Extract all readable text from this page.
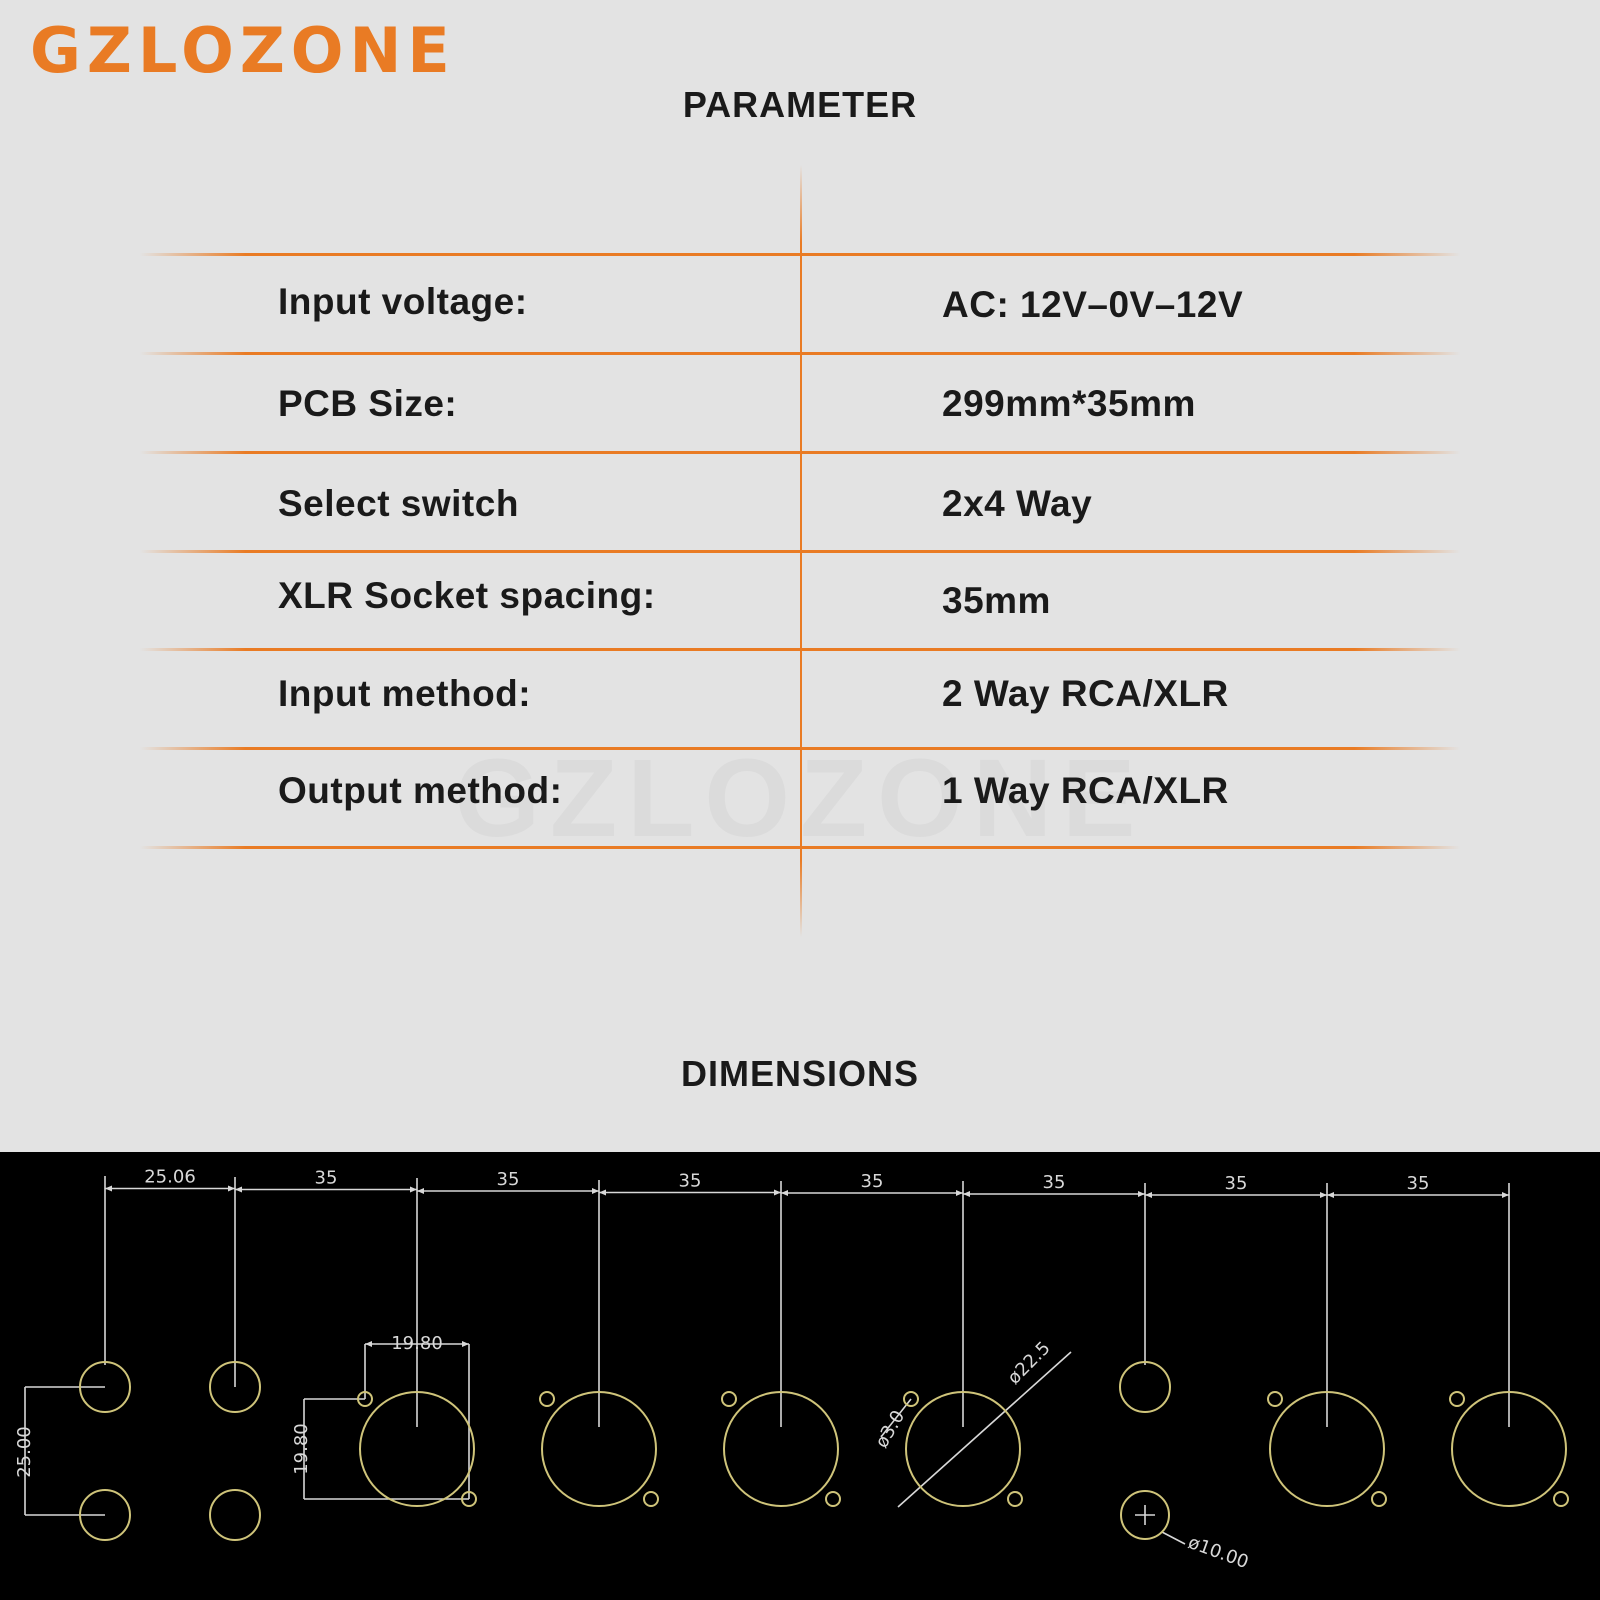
GZLOZONE
PARAMETER
Input voltage:	AC: 12V–0V–12V
PCB Size:	299mm*35mm
Select switch	2x4 Way
XLR Socket spacing:	35mm
Input method:	2 Way RCA/XLR
Output method:	1 Way RCA/XLR
DIMENSIONS
25.06	35	35	35	35	35	35	35
25.00
19.80
19.80
ø22.5
ø3.0
ø10.00
